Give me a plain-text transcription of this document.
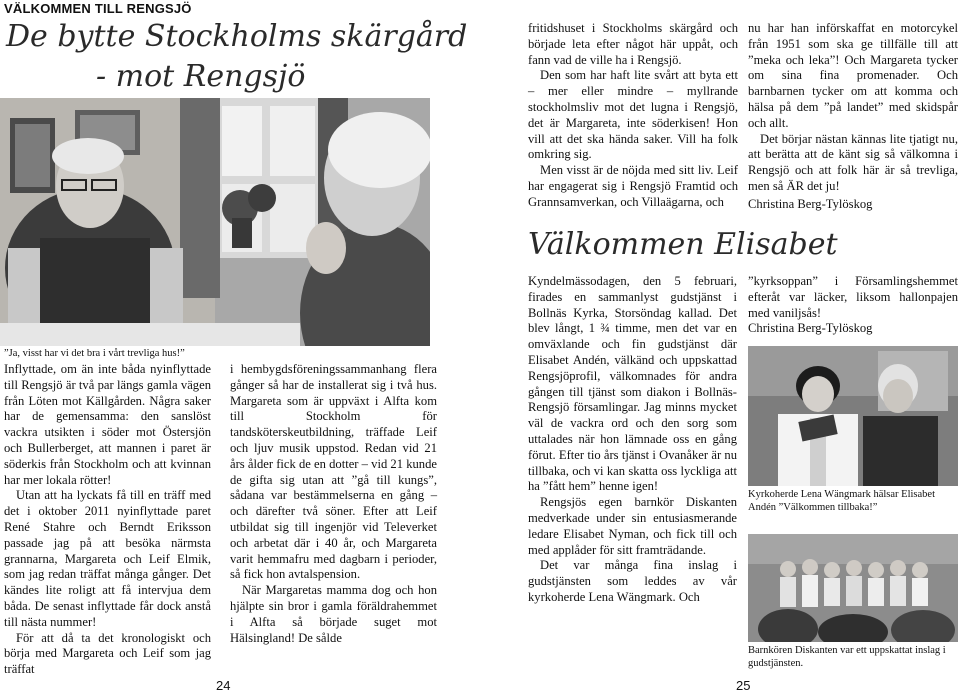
VÄLKOMMEN TILL RENGSJÖ
De bytte Stockholms skärgård
- mot Rengsjö
”Ja, visst har vi det bra i vårt trevliga hus!”

Inflyttade, om än inte båda nyinflyttade till Rengsjö är två par längs gamla vägen från Löten mot Källgården. Några saker har de gemensamma: den sanslöst vackra utsikten i söder mot Östersjön och Bullerberget, att mannen i paret är söderkis från Stockholm och att kvinnan har mer lokala rötter!

Utan att ha lyckats få till en träff med det i oktober 2011 nyinflyttade paret René Stahre och Berndt Eriksson passade jag på att besöka närmsta grannarna, Margareta och Leif Elmik, som jag redan träffat många gånger. Det kändes lite roligt att få intervjua dem båda. De senast inflyttade får dock anstå till nästa nummer!

För att då ta det kronologiskt och börja med Margareta och Leif som jag träffat

i hembygdsföreningssammanhang flera gånger så har de installerat sig i två hus. Margareta som är uppväxt i Alfta kom till Stockholm för tandsköterskeutbildning, träffade Leif och ljuv musik uppstod. Redan vid 21 års ålder fick de en dotter – vid 21 kunde de gifta sig utan att ”gå till kungs”, sådana var bestämmelserna en gång – och därefter två söner. Efter att Leif utbildat sig till ingenjör vid Televerket och arbetat där i 40 år, och Margareta varit hemmafru med dagbarn i perioder, så fick hon avtalspension.

När Margaretas mamma dog och hon hjälpte sin bror i gamla föräldrahemmet i Alfta så började suget mot Hälsingland! De sålde

24

fritidshuset i Stockholms skärgård och började leta efter något här uppåt, och fann vad de ville ha i Rengsjö.

Den som har haft lite svårt att byta ett – mer eller mindre – myllrande stockholmsliv mot det lugna i Rengsjö, det är Margareta, inte söderkisen! Hon vill att det ska hända saker. Vill ha folk omkring sig.

Men visst är de nöjda med sitt liv. Leif har engagerat sig i Rengsjö Framtid och Grannsamverkan, och Villaägarna, och

nu har han införskaffat en motorcykel från 1951 som ska ge tillfälle till att ”meka och leka”! Och Margareta tycker om sina fina promenader. Och barnbarnen tycker om att komma och hälsa på dem ”på landet” med skidspår och allt.

Det börjar nästan kännas lite tjatigt nu, att berätta att de känt sig så välkomna i Rengsjö och att folk här är så trevliga, men så ÄR det ju!

Christina Berg-Tylöskog

Välkommen Elisabet

Kyndelmässodagen, den 5 februari, firades en sammanlyst gudstjänst i Bollnäs Kyrka, Storsöndag kallad. Det blev långt, 1 ¾ timme, men det var en omväxlande och fin gudstjänst där Elisabet Andén, välkänd och uppskattad Rengsjöprofil, välkomnades för andra gången till tjänst som diakon i Bollnäs-Rengsjö församlingar. Jag minns mycket väl de vackra ord och den sorg som uttalades när hon lämnade oss en gång förut. Efter tio års tjänst i Ovanåker är nu tillbaka, och vi kan skatta oss lyckliga att ha ”fått hem” henne igen!

Rengsjös egen barnkör Diskanten medverkade under sin entusiasmerande ledare Elisabet Nyman, och fick till och med applåder för sitt framträdande.

Det var många fina inslag i gudstjänsten som leddes av vår kyrkoherde Lena Wängmark. Och

”kyrksoppan” i Församlingshemmet efteråt var läcker, liksom hallonpajen med vaniljsås!

Christina Berg-Tylöskog

Kyrkoherde Lena Wängmark hälsar Elisabet Andén ”Välkommen tillbaka!”
Barnkören Diskanten var ett uppskattat inslag i gudstjänsten.
25
